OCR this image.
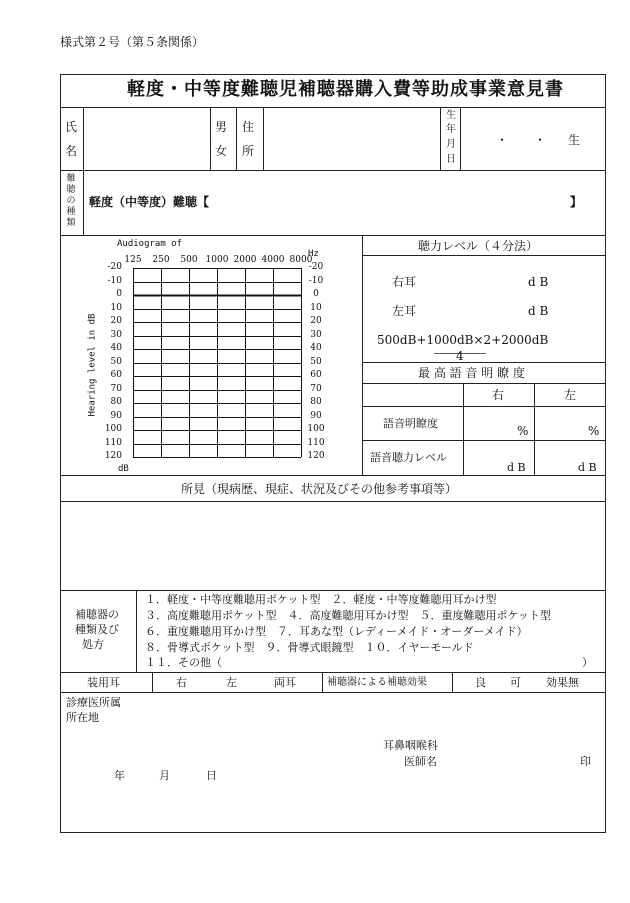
様式第２号（第５条関係）
軽度・中等度難聴児補聴器購入費等助成事業意見書
氏
名
男
女
住
所
生
年
月
日
・ ・ 生
難
聴
の
種
類
軽度（中等度）難聴【	】
Audiogram of
Hz
dB
Hearing level in dB
125 250 500 1000 2000 4000 8000
-20	-20
-10	-10
0	0
10	10
20	20
30	30
40	40
50	50
60	60
70	70
80	80
90	90
100	100
110	110
120	120
聴力レベル（４分法）
右耳	d B
左耳	d B
500dB+1000dB×2+2000dB
4
最 高 語 音 明 瞭 度
右	左
語音明瞭度
%	%
語音聴力レベル
d B	d B
所見（現病歴、現症、状況及びその他参考事項等）
補聴器の
種類及び
処方
１．軽度・中等度難聴用ポケット型　２．軽度・中等度難聴用耳かけ型
３．高度難聴用ポケット型　４．高度難聴用耳かけ型　５．重度難聴用ポケット型
６．重度難聴用耳かけ型　７．耳あな型（レディーメイド・オーダーメイド）
８．骨導式ポケット型　９．骨導式眼鏡型　１０．イヤーモールド
１１．その他（	）
装用耳	右	左	両耳	補聴器による補聴効果	良 可 効果無
診療医所属
所在地
耳鼻咽喉科
医師名	印
年	月	日
